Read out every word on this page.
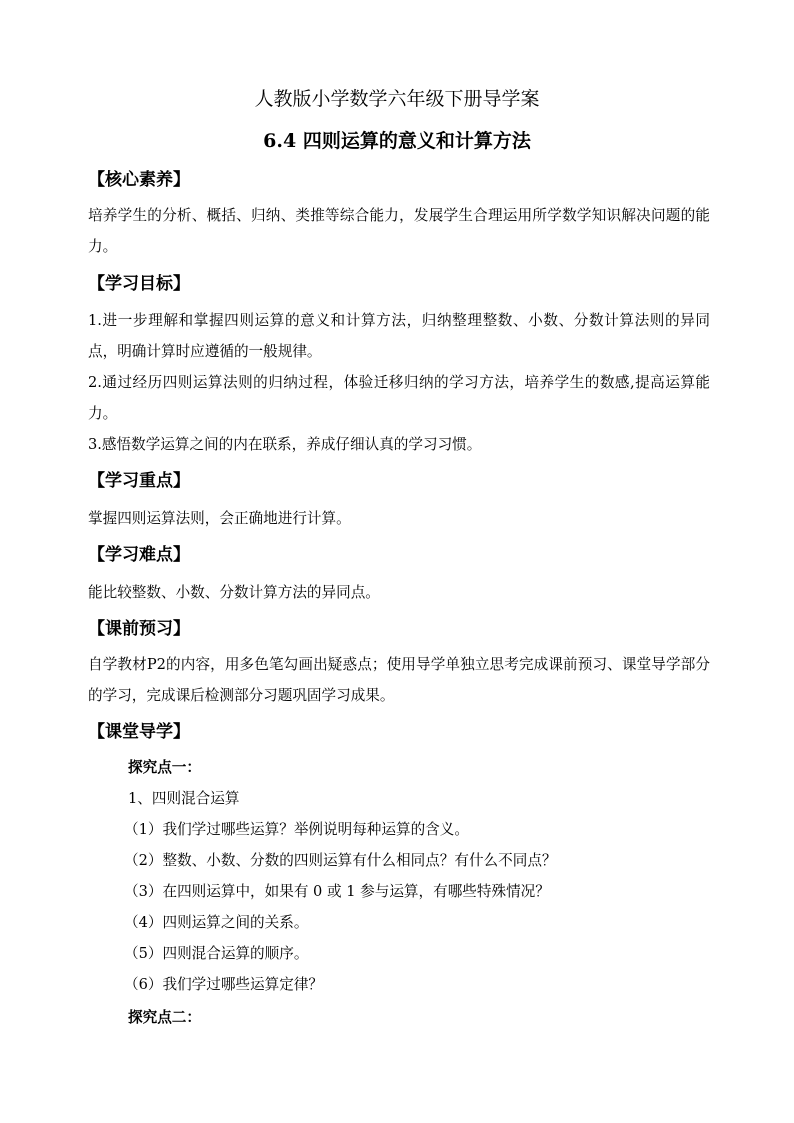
人教版小学数学六年级下册导学案
6.4 四则运算的意义和计算方法
【核心素养】
培养学生的分析、概括、归纳、类推等综合能力，发展学生合理运用所学数学知识解决问题的能力。
【学习目标】
1.进一步理解和掌握四则运算的意义和计算方法，归纳整理整数、小数、分数计算法则的异同点，明确计算时应遵循的一般规律。
2.通过经历四则运算法则的归纳过程，体验迁移归纳的学习方法，培养学生的数感,提高运算能力。
3.感悟数学运算之间的内在联系，养成仔细认真的学习习惯。
【学习重点】
掌握四则运算法则，会正确地进行计算。
【学习难点】
能比较整数、小数、分数计算方法的异同点。
【课前预习】
自学教材P2的内容，用多色笔勾画出疑惑点；使用导学单独立思考完成课前预习、课堂导学部分的学习，完成课后检测部分习题巩固学习成果。
【课堂导学】
探究点一：
1、四则混合运算
（1）我们学过哪些运算？举例说明每种运算的含义。
（2）整数、小数、分数的四则运算有什么相同点？有什么不同点？
（3）在四则运算中，如果有 0 或 1 参与运算，有哪些特殊情况？
（4）四则运算之间的关系。
（5）四则混合运算的顺序。
（6）我们学过哪些运算定律？
探究点二：
